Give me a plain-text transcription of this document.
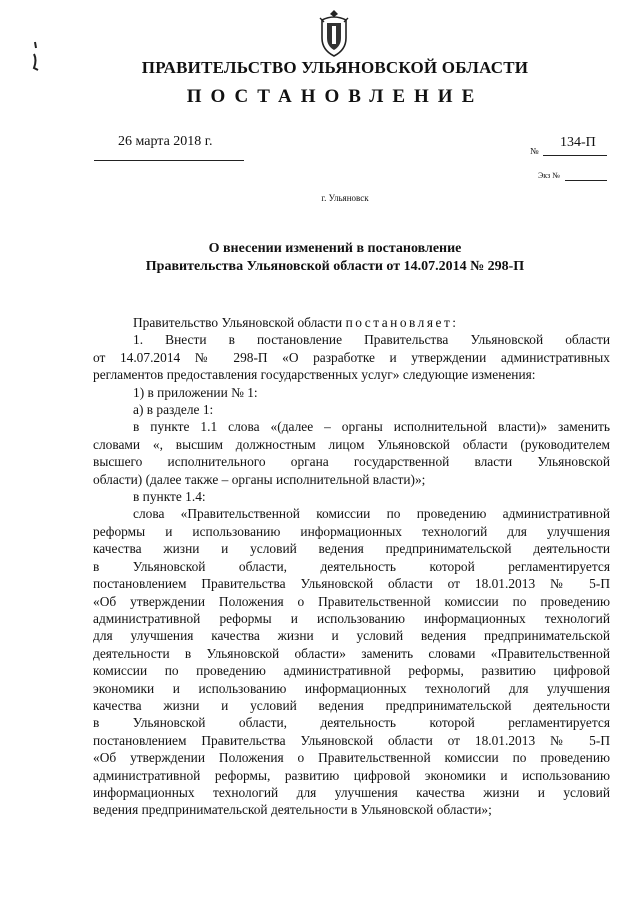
ПРАВИТЕЛЬСТВО УЛЬЯНОВСКОЙ ОБЛАСТИ
ПОСТАНОВЛЕНИЕ
26 марта 2018 г.
№
134-П
Экз №
г. Ульяновск
О внесении изменений в постановление
Правительства Ульяновской области от 14.07.2014 № 298-П
Правительство Ульяновской области постановляет:
1. Внести в постановление Правительства Ульяновской области
от 14.07.2014 № 298-П «О разработке и утверждении административных
регламентов предоставления государственных услуг» следующие изменения:
1) в приложении № 1:
а) в разделе 1:
в пункте 1.1 слова «(далее – органы исполнительной власти)» заменить
словами «, высшим должностным лицом Ульяновской области (руководителем
высшего исполнительного органа государственной власти Ульяновской
области) (далее также – органы исполнительной власти)»;
в пункте 1.4:
слова «Правительственной комиссии по проведению административной
реформы и использованию информационных технологий для улучшения
качества жизни и условий ведения предпринимательской деятельности
в Ульяновской области, деятельность которой регламентируется
постановлением Правительства Ульяновской области от 18.01.2013 № 5-П
«Об утверждении Положения о Правительственной комиссии по проведению
административной реформы и использованию информационных технологий
для улучшения качества жизни и условий ведения предпринимательской
деятельности в Ульяновской области» заменить словами «Правительственной
комиссии по проведению административной реформы, развитию цифровой
экономики и использованию информационных технологий для улучшения
качества жизни и условий ведения предпринимательской деятельности
в Ульяновской области, деятельность которой регламентируется
постановлением Правительства Ульяновской области от 18.01.2013 № 5-П
«Об утверждении Положения о Правительственной комиссии по проведению
административной реформы, развитию цифровой экономики и использованию
информационных технологий для улучшения качества жизни и условий
ведения предпринимательской деятельности в Ульяновской области»;
